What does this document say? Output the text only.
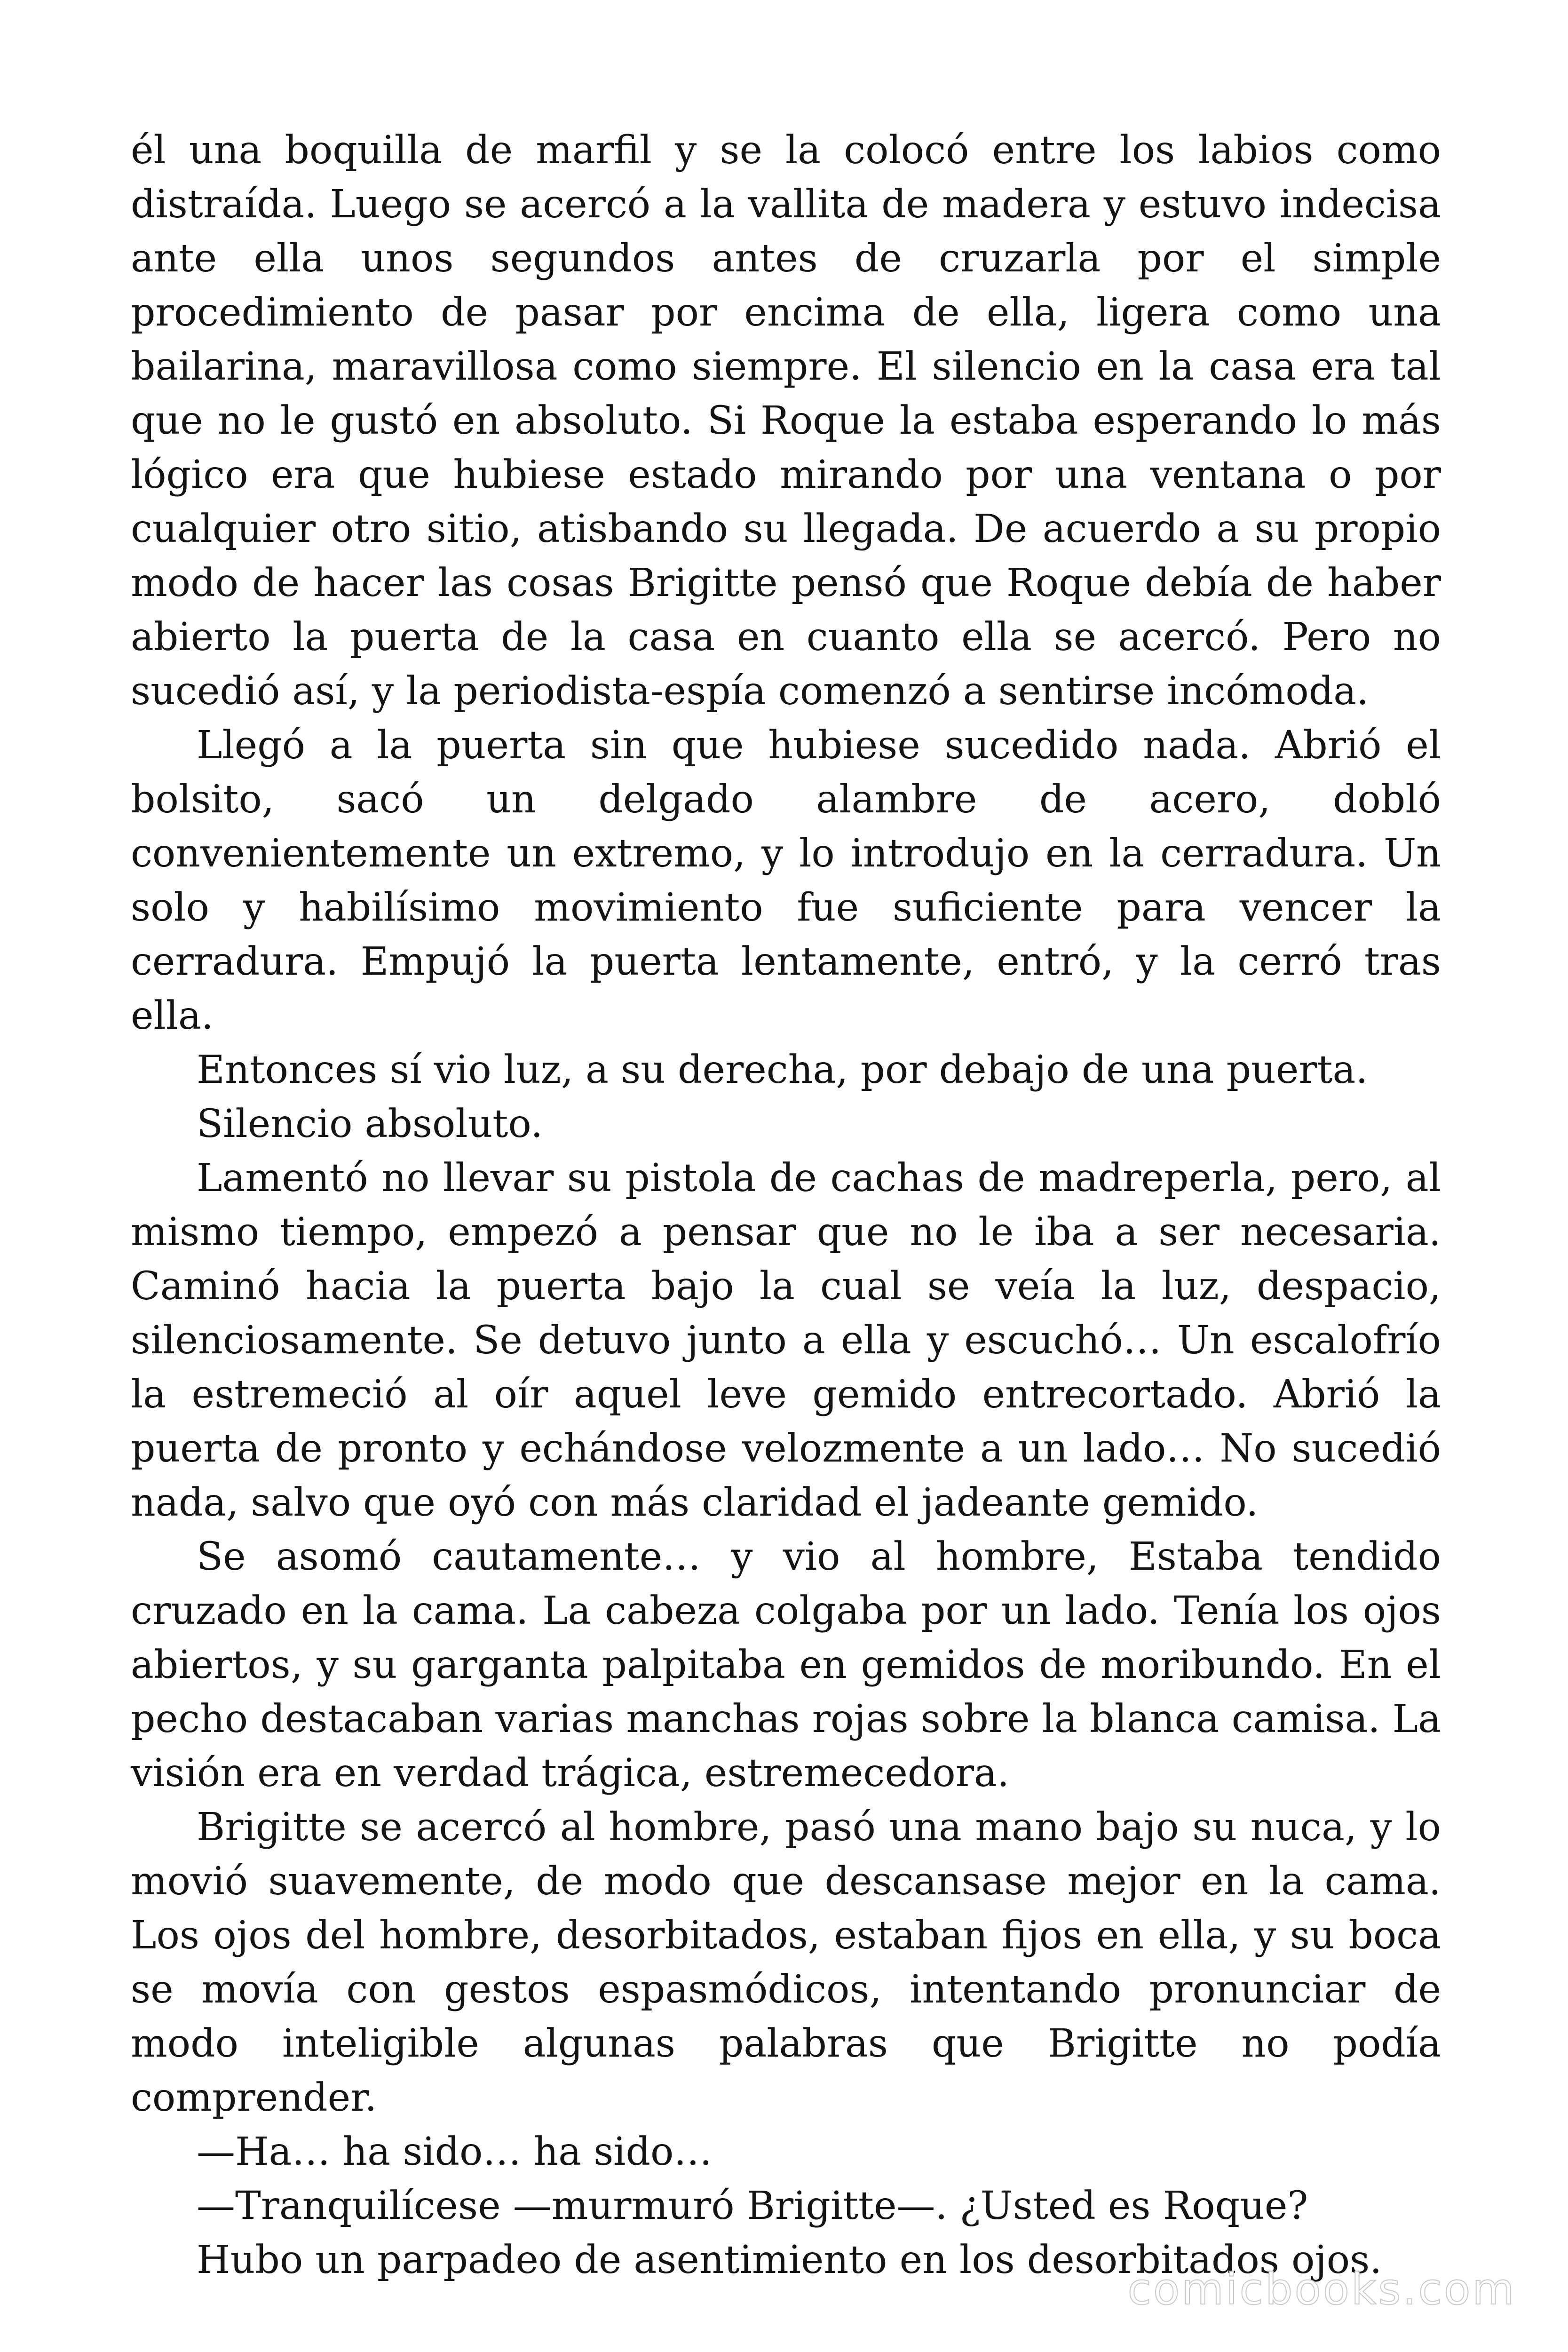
él una boquilla de marfil y se la colocó entre los labios como distraída. Luego se acercó a la vallita de madera y estuvo indecisa ante ella unos segundos antes de cruzarla por el simple procedimiento de pasar por encima de ella, ligera como una bailarina, maravillosa como siempre. El silencio en la casa era tal que no le gustó en absoluto. Si Roque la estaba esperando lo más lógico era que hubiese estado mirando por una ventana o por cualquier otro sitio, atisbando su llegada. De acuerdo a su propio modo de hacer las cosas Brigitte pensó que Roque debía de haber abierto la puerta de la casa en cuanto ella se acercó. Pero no sucedió así, y la periodista-espía comenzó a sentirse incómoda.

Llegó a la puerta sin que hubiese sucedido nada. Abrió el bolsito, sacó un delgado alambre de acero, dobló convenientemente un extremo, y lo introdujo en la cerradura. Un solo y habilísimo movimiento fue suficiente para vencer la cerradura. Empujó la puerta lentamente, entró, y la cerró tras ella.

Entonces sí vio luz, a su derecha, por debajo de una puerta.

Silencio absoluto.

Lamentó no llevar su pistola de cachas de madreperla, pero, al mismo tiempo, empezó a pensar que no le iba a ser necesaria. Caminó hacia la puerta bajo la cual se veía la luz, despacio, silenciosamente. Se detuvo junto a ella y escuchó… Un escalofrío la estremeció al oír aquel leve gemido entrecortado. Abrió la puerta de pronto y echándose velozmente a un lado… No sucedió nada, salvo que oyó con más claridad el jadeante gemido.

Se asomó cautamente… y vio al hombre, Estaba tendido cruzado en la cama. La cabeza colgaba por un lado. Tenía los ojos abiertos, y su garganta palpitaba en gemidos de moribundo. En el pecho destacaban varias manchas rojas sobre la blanca camisa. La visión era en verdad trágica, estremecedora.

Brigitte se acercó al hombre, pasó una mano bajo su nuca, y lo movió suavemente, de modo que descansase mejor en la cama. Los ojos del hombre, desorbitados, estaban fijos en ella, y su boca se movía con gestos espasmódicos, intentando pronunciar de modo inteligible algunas palabras que Brigitte no podía comprender.

—Ha… ha sido… ha sido…

—Tranquilícese —murmuró Brigitte—. ¿Usted es Roque?

Hubo un parpadeo de asentimiento en los desorbitados ojos.

comicbooks.com
